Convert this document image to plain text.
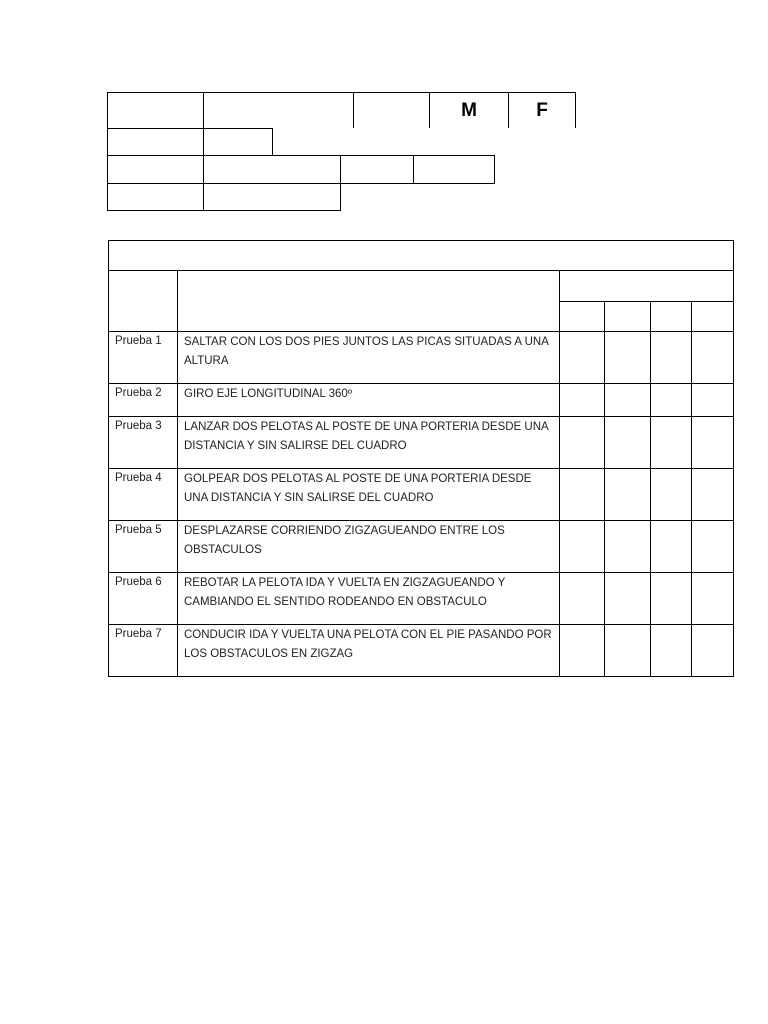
M	F

Prueba 1	SALTAR CON LOS DOS PIES JUNTOS LAS PICAS SITUADAS A UNA ALTURA				
Prueba 2	GIRO EJE LONGITUDINAL 360º				
Prueba 3	LANZAR DOS PELOTAS AL POSTE DE UNA PORTERIA DESDE UNA DISTANCIA Y SIN SALIRSE DEL CUADRO				
Prueba 4	GOLPEAR DOS PELOTAS AL POSTE DE UNA PORTERIA DESDE UNA DISTANCIA Y SIN SALIRSE DEL CUADRO				
Prueba 5	DESPLAZARSE CORRIENDO ZIGZAGUEANDO ENTRE LOS OBSTACULOS				
Prueba 6	REBOTAR LA PELOTA IDA Y VUELTA EN ZIGZAGUEANDO Y CAMBIANDO EL SENTIDO RODEANDO EN OBSTACULO				
Prueba 7	CONDUCIR IDA Y VUELTA UNA PELOTA CON EL PIE PASANDO POR LOS OBSTACULOS EN ZIGZAG				
